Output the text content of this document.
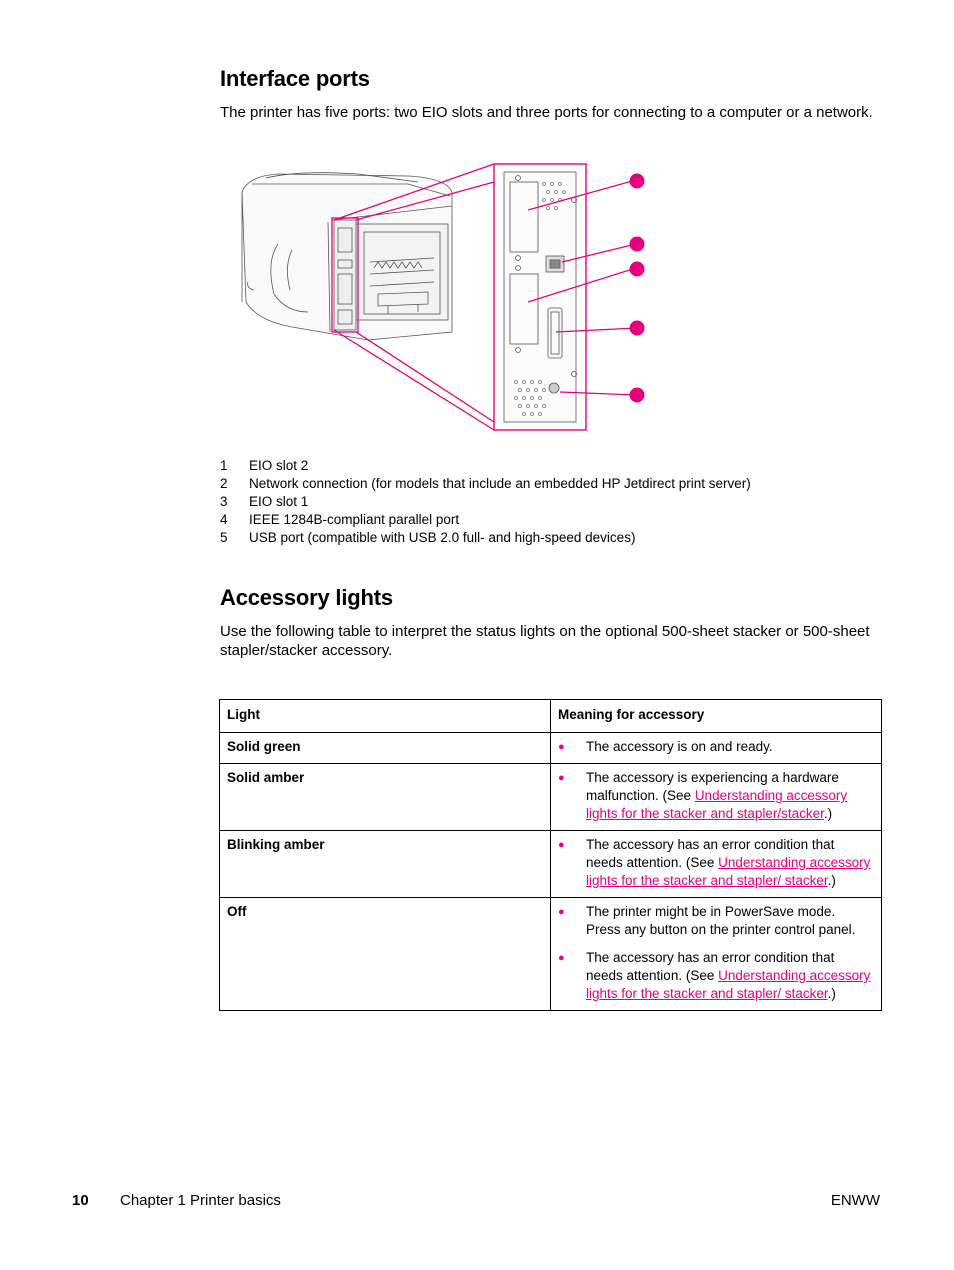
Interface ports

The printer has five ports: two EIO slots and three ports for connecting to a computer or a network.

1	EIO slot 2
2	Network connection (for models that include an embedded HP Jetdirect print server)
3	EIO slot 1
4	IEEE 1284B-compliant parallel port
5	USB port (compatible with USB 2.0 full- and high-speed devices)
Accessory lights

Use the following table to interpret the status lights on the optional 500-sheet stacker or 500-sheet stapler/stacker accessory.

Light	Meaning for accessory
Solid green	● The accessory is on and ready.

Solid amber	● The accessory is experiencing a hardware malfunction. (See Understanding accessory lights for the stacker and stapler/stacker.)

Blinking amber	● The accessory has an error condition that needs attention. (See Understanding accessory lights for the stacker and stapler/ stacker.)

Off	● The printer might be in PowerSave mode. Press any button on the printer control panel.
● The accessory has an error condition that needs attention. (See Understanding accessory lights for the stacker and stapler/ stacker.)
10 Chapter 1 Printer basics	ENWW
